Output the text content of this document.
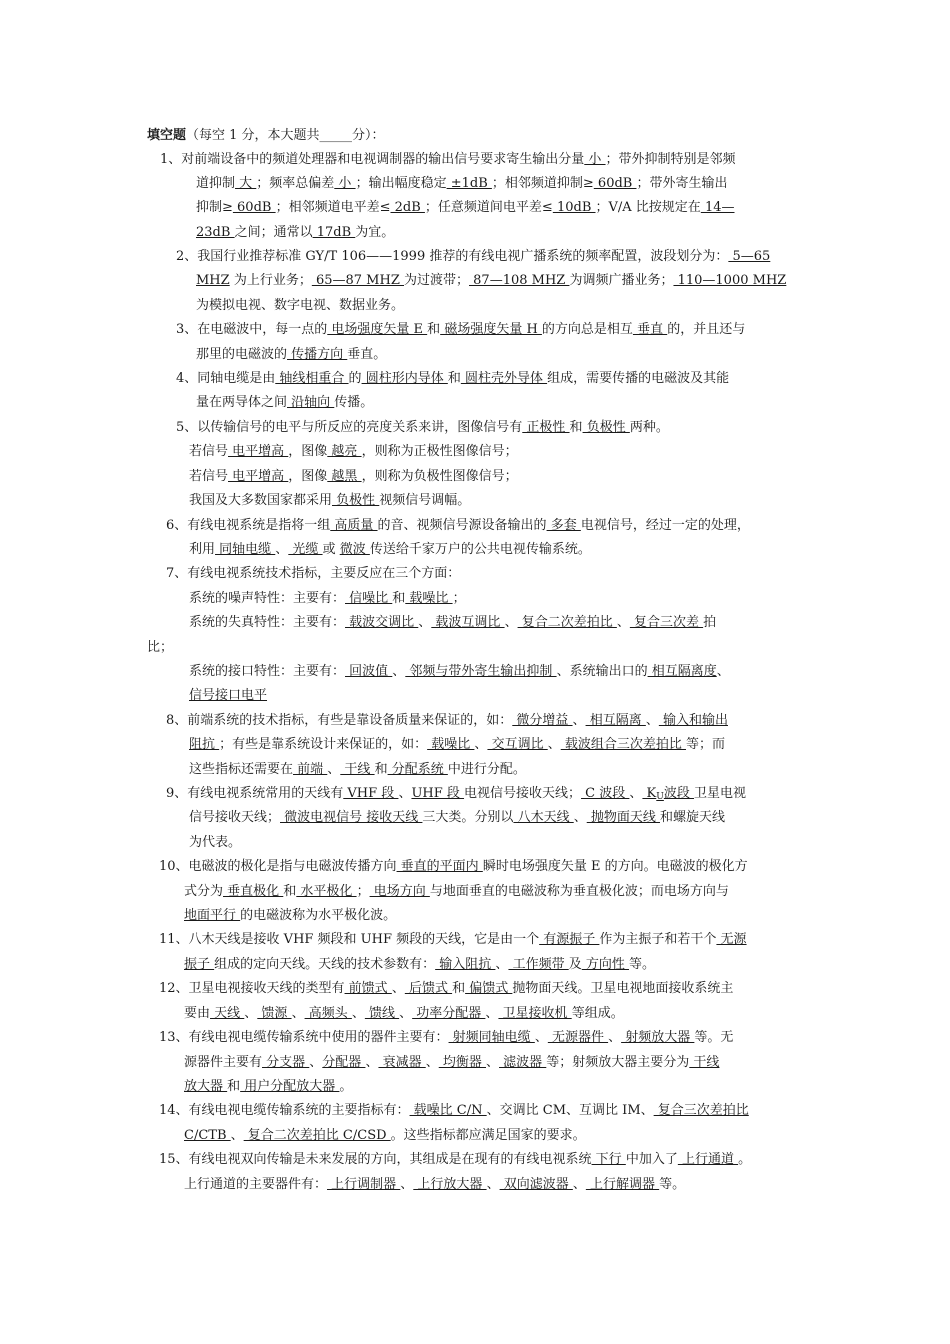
填空题（每空 1 分，本大题共_____分）：
1、对前端设备中的频道处理器和电视调制器的输出信号要求寄生输出分量 小 ；带外抑制特别是邻频
道抑制 大 ；频率总偏差 小 ；输出幅度稳定 ±1dB ；相邻频道抑制≥ 60dB ；带外寄生输出
抑制≥ 60dB ；相邻频道电平差≤ 2dB ；任意频道间电平差≤ 10dB ；V/A 比按规定在 14—
23dB 之间；通常以 17dB 为宜。
2、我国行业推荐标准 GY/T 106——1999 推荐的有线电视广播系统的频率配置，波段划分为： 5—65
MHZ 为上行业务； 65—87 MHZ 为过渡带； 87—108 MHZ 为调频广播业务； 110—1000 MHZ
为模拟电视、数字电视、数据业务。
3、在电磁波中，每一点的 电场强度矢量 E 和 磁场强度矢量 H 的方向总是相互 垂直 的，并且还与
那里的电磁波的 传播方向 垂直。
4、同轴电缆是由 轴线相重合 的 圆柱形内导体 和 圆柱壳外导体 组成，需要传播的电磁波及其能
量在两导体之间 沿轴向 传播。
5、以传输信号的电平与所反应的亮度关系来讲，图像信号有 正极性 和 负极性 两种。
若信号 电平增高 ，图像 越亮 ，则称为正极性图像信号；
若信号 电平增高 ，图像 越黑 ，则称为负极性图像信号；
我国及大多数国家都采用 负极性 视频信号调幅。
6、有线电视系统是指将一组 高质量 的音、视频信号源设备输出的 多套 电视信号，经过一定的处理，
利用 同轴电缆 、 光缆 或 微波 传送给千家万户的公共电视传输系统。
7、有线电视系统技术指标，主要反应在三个方面：
系统的噪声特性：主要有： 信噪比 和 载噪比 ；
系统的失真特性：主要有： 载波交调比 、 载波互调比 、 复合二次差拍比 、 复合三次差 拍
比；
系统的接口特性：主要有： 回波值 、 邻频与带外寄生输出抑制 、系统输出口的 相互隔离度、
信号接口电平
8、前端系统的技术指标，有些是靠设备质量来保证的，如： 微分增益 、 相互隔离 、 输入和输出
阻抗 ；有些是靠系统设计来保证的，如： 载噪比 、 交互调比 、 载波组合三次差拍比 等；而
这些指标还需要在 前端 、 干线 和 分配系统 中进行分配。
9、有线电视系统常用的天线有 VHF 段 、UHF 段 电视信号接收天线； C 波段 、 $K_U$波段 卫星电视
信号接收天线； 微波电视信号 接收天线 三大类。分别以 八木天线 、 抛物面天线 和螺旋天线
为代表。
10、电磁波的极化是指与电磁波传播方向 垂直的平面内 瞬时电场强度矢量 E 的方向。电磁波的极化方
式分为 垂直极化 和 水平极化 ； 电场方向 与地面垂直的电磁波称为垂直极化波；而电场方向与
地面平行 的电磁波称为水平极化波。
11、八木天线是接收 VHF 频段和 UHF 频段的天线，它是由一个 有源振子 作为主振子和若干个 无源
振子 组成的定向天线。天线的技术参数有： 输入阻抗 、 工作频带 及 方向性 等。
12、卫星电视接收天线的类型有 前馈式 、 后馈式 和 偏馈式 抛物面天线。卫星电视地面接收系统主
要由 天线 、 馈源 、 高频头 、 馈线 、 功率分配器 、 卫星接收机 等组成。
13、有线电视电缆传输系统中使用的器件主要有： 射频同轴电缆 、 无源器件 、 射频放大器 等。无
源器件主要有 分支器 、分配器 、 衰减器 、 均衡器 、 滤波器 等；射频放大器主要分为 干线
放大器 和 用户分配放大器 。
14、有线电视电缆传输系统的主要指标有： 载噪比 C/N 、交调比 CM、互调比 IM、 复合三次差拍比
C/CTB 、 复合二次差拍比 C/CSD 。这些指标都应满足国家的要求。
15、有线电视双向传输是未来发展的方向，其组成是在现有的有线电视系统 下行 中加入了 上行通道 。
上行通道的主要器件有： 上行调制器 、 上行放大器 、 双向滤波器 、 上行解调器 等。
